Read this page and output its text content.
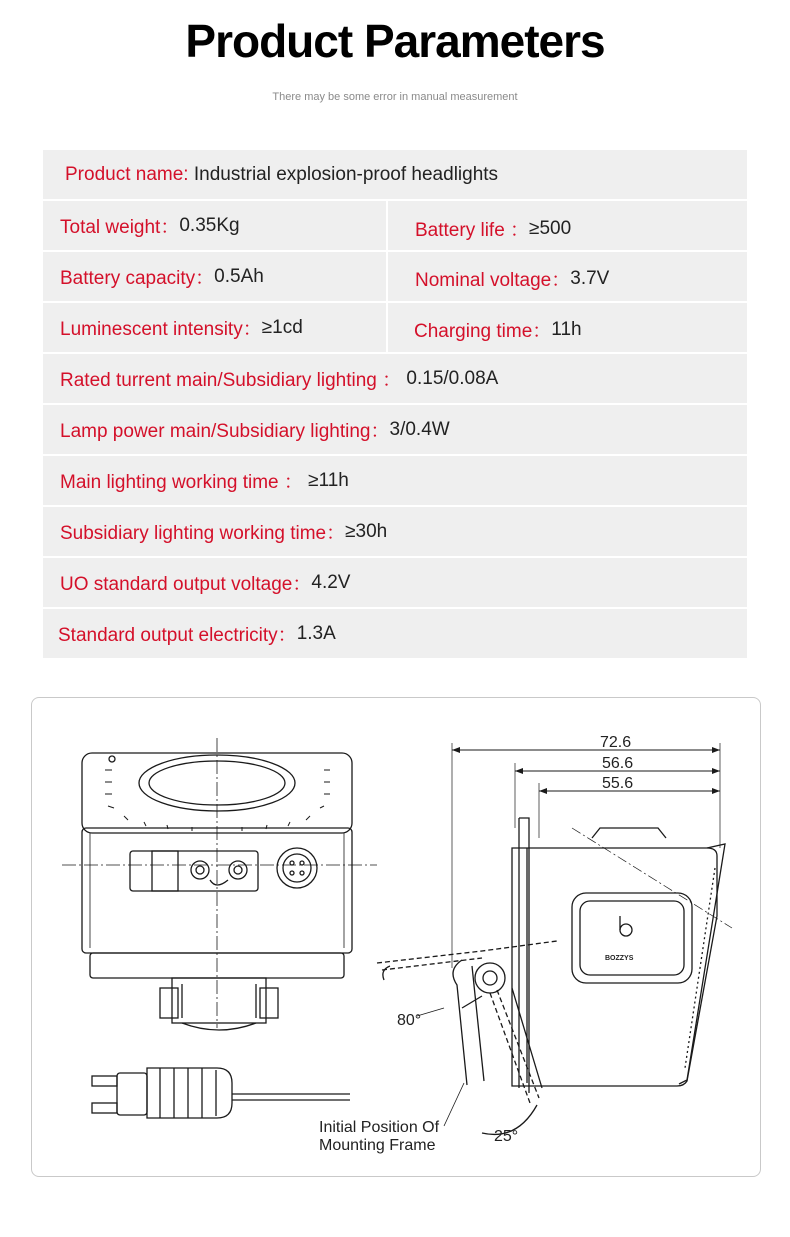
Product Parameters
There may be some error in manual measurement
Product name:
Industrial explosion-proof headlights
Total weight： 0.35Kg	Battery life ： ≥500
Battery capacity： 0.5Ah	Nominal voltage： 3.7V
Luminescent intensity： ≥1cd	Charging time： 11h
Rated turrent main/Subsidiary lighting ：
0.15/0.08A
Lamp power main/Subsidiary lighting： 3/0.4W
Main lighting working time ：
≥11h
Subsidiary lighting working time： ≥30h
UO standard output voltage： 4.2V
Standard output electricity： 1.3A
72.6
56.6
55.6
80°
25°
Initial Position Of
Mounting Frame
BOZZYS
